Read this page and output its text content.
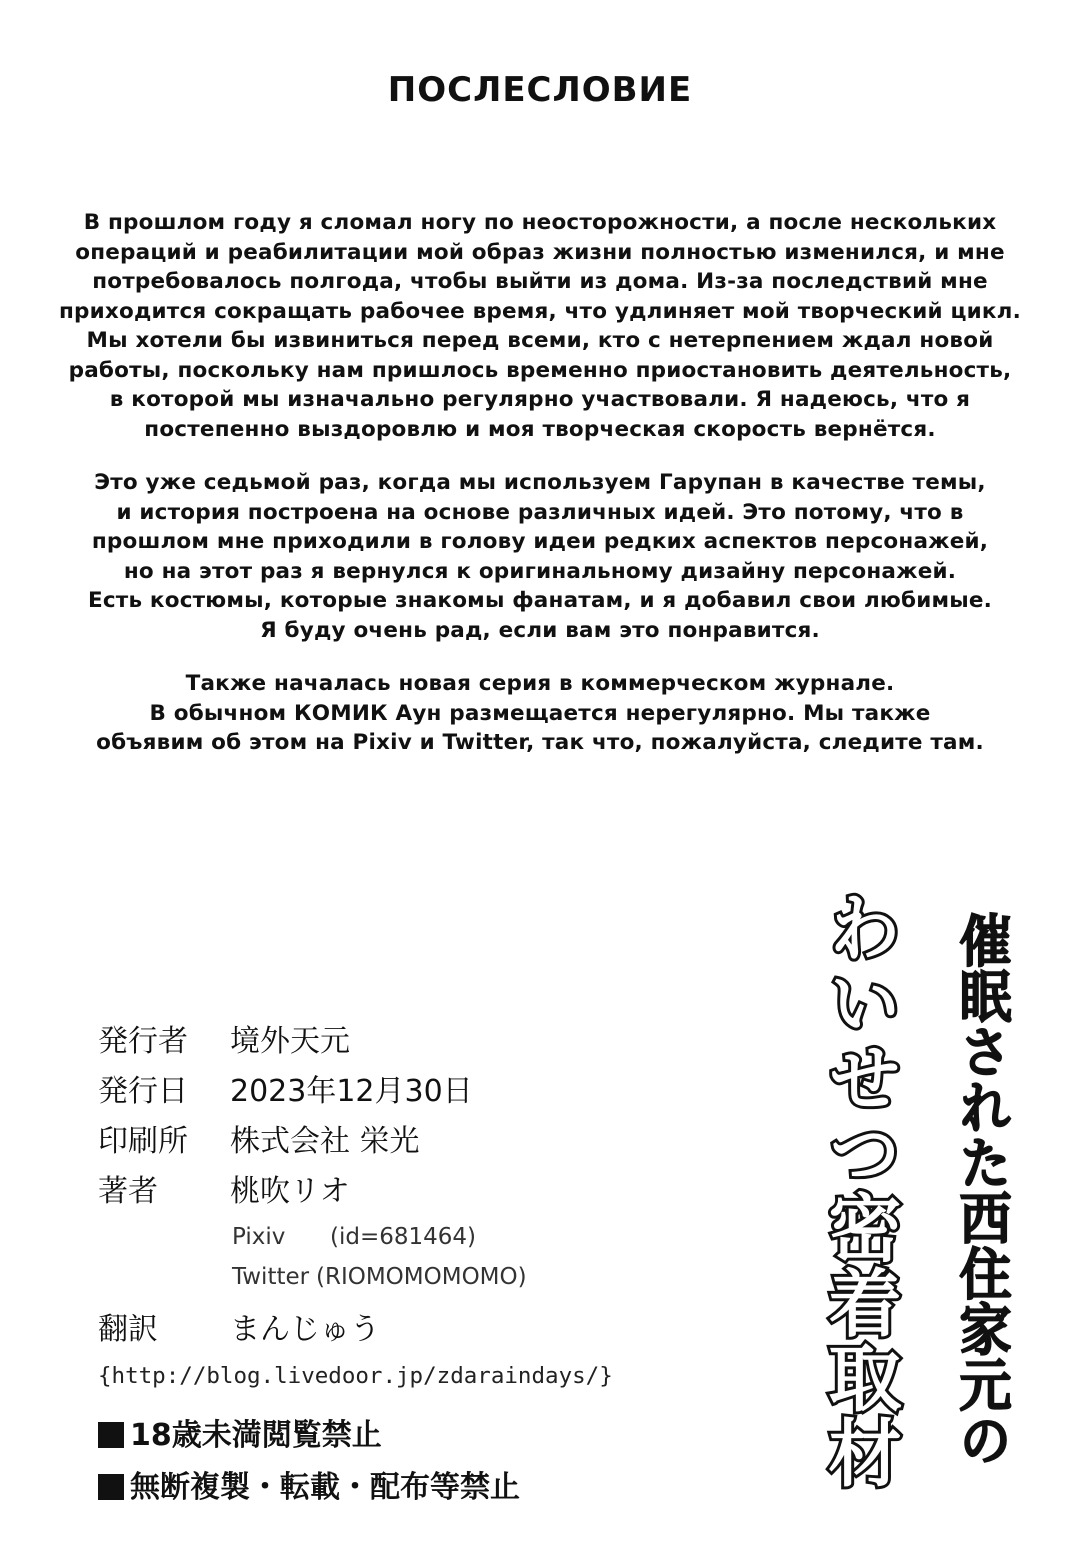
ПОСЛЕСЛОВИЕ
В прошлом году я сломал ногу по неосторожности, а после нескольких
операций и реабилитации мой образ жизни полностью изменился, и мне
потребовалось полгода, чтобы выйти из дома. Из-за последствий мне
приходится сокращать рабочее время, что удлиняет мой творческий цикл.
Мы хотели бы извиниться перед всеми, кто с нетерпением ждал новой
работы, поскольку нам пришлось временно приостановить деятельность,
в которой мы изначально регулярно участвовали. Я надеюсь, что я
постепенно выздоровлю и моя творческая скорость вернётся.
Это уже седьмой раз, когда мы используем Гарупан в качестве темы,
и история построена на основе различных идей. Это потому, что в
прошлом мне приходили в голову идеи редких аспектов персонажей,
но на этот раз я вернулся к оригинальному дизайну персонажей.
Есть костюмы, которые знакомы фанатам, и я добавил свои любимые.
Я буду очень рад, если вам это понравится.
Также началась новая серия в коммерческом журнале.
В обычном КОМИК Аун размещается нерегулярно. Мы также
объявим об этом на Pixiv и Twitter, так что, пожалуйста, следите там.
発行者 境外天元
発行日 2023年12月30日
印刷所 株式会社 栄光
著者 桃吹リオ
Pixiv (id=681464)
Twitter (RIOMOMOMOMO)
翻訳 まんじゅう
{http://blog.livedoor.jp/zdaraindays/}
18歳未満閲覧禁止
無断複製・転載・配布等禁止	わいせつ密着取材 催眠された西住家元の
